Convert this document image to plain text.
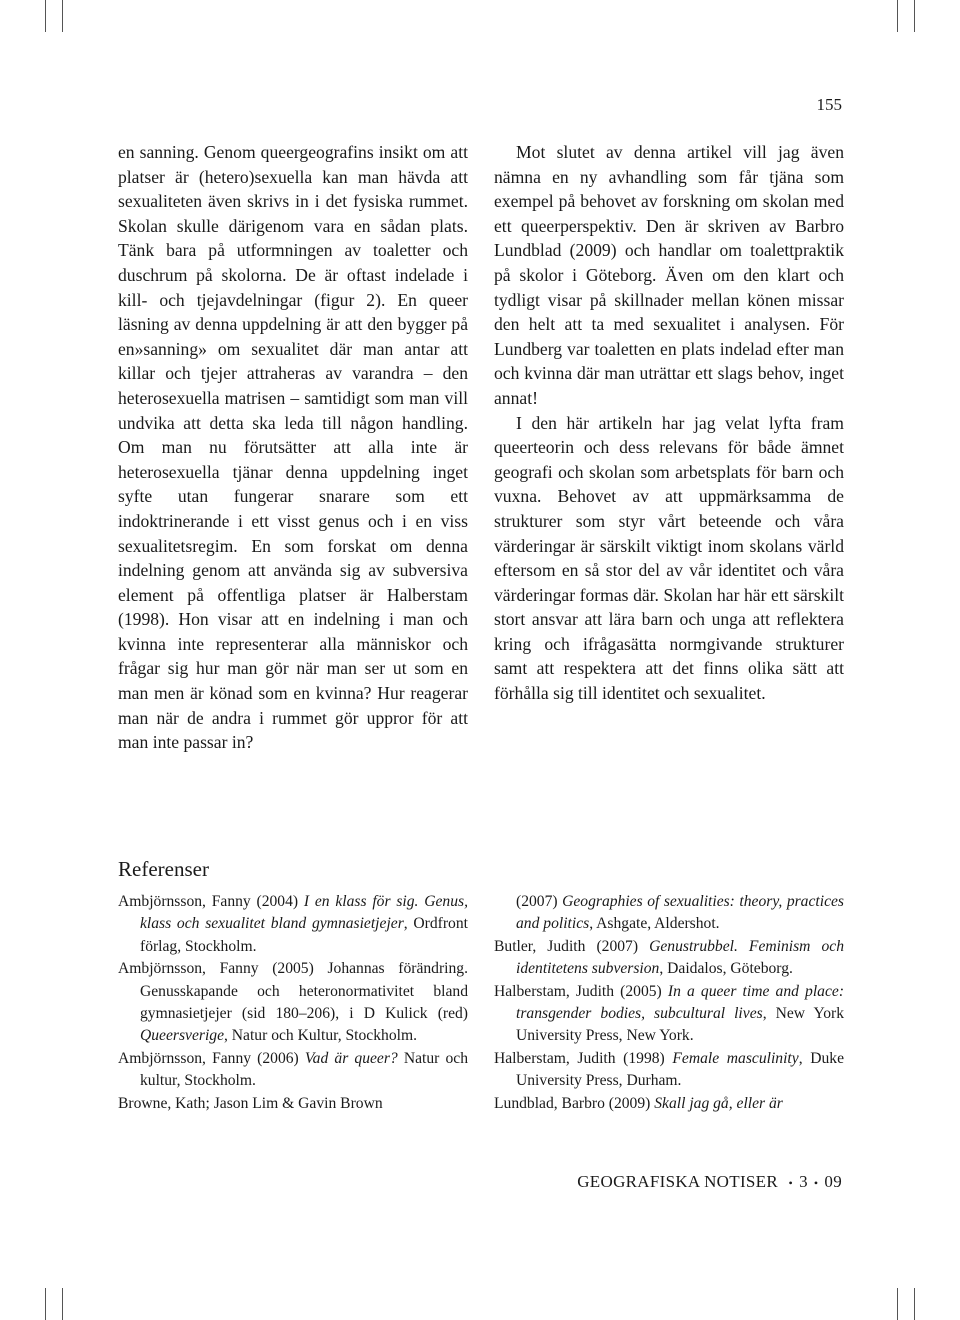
155

en sanning. Genom queergeografins insikt om att platser är (hetero)sexuella kan man hävda att sexualiteten även skrivs in i det fysiska rummet. Skolan skulle därigenom vara en sådan plats. Tänk bara på utformningen av toaletter och duschrum på skolorna. De är oftast indelade i kill- och tjejavdelningar (figur 2). En queer läsning av denna uppdelning är att den bygger på en»sanning» om sexualitet där man antar att killar och tjejer attraheras av varandra – den heterosexuella matrisen – samtidigt som man vill undvika att detta ska leda till någon handling. Om man nu förutsätter att alla inte är heterosexuella tjänar denna uppdelning inget syfte utan fungerar snarare som ett indoktrinerande i ett visst genus och i en viss sexualitetsregim. En som forskat om denna indelning genom att använda sig av subversiva element på offentliga platser är Halberstam (1998). Hon visar att en indelning i man och kvinna inte representerar alla människor och frågar sig hur man gör när man ser ut som en man men är könad som en kvinna? Hur reagerar man när de andra i rummet gör uppror för att man inte passar in?

Mot slutet av denna artikel vill jag även nämna en ny avhandling som får tjäna som exempel på behovet av forskning om skolan med ett queerperspektiv. Den är skriven av Barbro Lundblad (2009) och handlar om toalettpraktik på skolor i Göteborg. Även om den klart och tydligt visar på skillnader mellan könen missar den helt att ta med sexualitet i analysen. För Lundberg var toaletten en plats indelad efter man och kvinna där man uträttar ett slags behov, inget annat!

I den här artikeln har jag velat lyfta fram queerteorin och dess relevans för både ämnet geografi och skolan som arbetsplats för barn och vuxna. Behovet av att uppmärksamma de strukturer som styr vårt beteende och våra värderingar är särskilt viktigt inom skolans värld eftersom en så stor del av vår identitet och våra värderingar formas där. Skolan har här ett särskilt stort ansvar att lära barn och unga att reflektera kring och ifrågasätta normgivande strukturer samt att respektera att det finns olika sätt att förhålla sig till identitet och sexualitet.

Referenser
Ambjörnsson, Fanny (2004) I en klass för sig. Genus, klass och sexualitet bland gymnasietjejer, Ordfront förlag, Stockholm.
Ambjörnsson, Fanny (2005) Johannas förändring. Genusskapande och heteronormativitet bland gymnasietjejer (sid 180–206), i D Kulick (red) Queersverige, Natur och Kultur, Stockholm.
Ambjörnsson, Fanny (2006) Vad är queer? Natur och kultur, Stockholm.
Browne, Kath; Jason Lim & Gavin Brown
(2007) Geographies of sexualities: theory, practices and politics, Ashgate, Aldershot.
Butler, Judith (2007) Genustrubbel. Feminism och identitetens subversion, Daidalos, Göteborg.
Halberstam, Judith (2005) In a queer time and place: transgender bodies, subcultural lives, New York University Press, New York.
Halberstam, Judith (1998) Female masculinity, Duke University Press, Durham.
Lundblad, Barbro (2009) Skall jag gå, eller är
GEOGRAFISKA NOTISER • 3 • 09
